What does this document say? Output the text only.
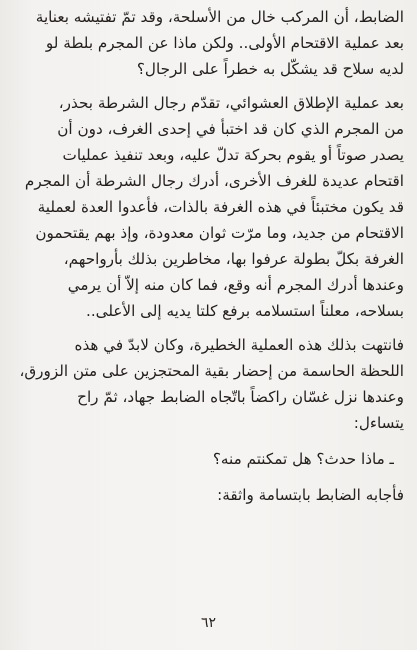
الضابط، أن المركب خال من الأسلحة، وقد تمّ تفتيشه بعناية
بعد عملية الاقتحام الأولى.. ولكن ماذا عن المجرم بلطة لو
لديه سلاح قد يشكّل به خطراً على الرجال؟
بعد عملية الإطلاق العشوائي، تقدّم رجال الشرطة بحذر،
من المجرم الذي كان قد اختبأ في إحدى الغرف، دون أن
يصدر صوتاً أو يقوم بحركة تدلّ عليه، وبعد تنفيذ عمليات
اقتحام عديدة للغرف الأخرى، أدرك رجال الشرطة أن المجرم
قد يكون مختبئاً في هذه الغرفة بالذات، فأعدوا العدة لعملية
الاقتحام من جديد، وما مرّت ثوان معدودة، وإذ بهم يقتحمون
الغرفة بكلّ بطولة عرفوا بها، مخاطرين بذلك بأرواحهم،
وعندها أدرك المجرم أنه وقع، فما كان منه إلاّ أن يرمي
بسلاحه، معلناً استسلامه برفع كلتا يديه إلى الأعلى..
فانتهت بذلك هذه العملية الخطيرة، وكان لابدّ في هذه
اللحظة الحاسمة من إحضار بقية المحتجزين على متن الزورق،
وعندها نزل غسّان راكضاً باتّجاه الضابط جهاد، ثمّ راح
يتساءل:
ـ ماذا حدث؟ هل تمكنتم منه؟
فأجابه الضابط بابتسامة واثقة:
٦٢
